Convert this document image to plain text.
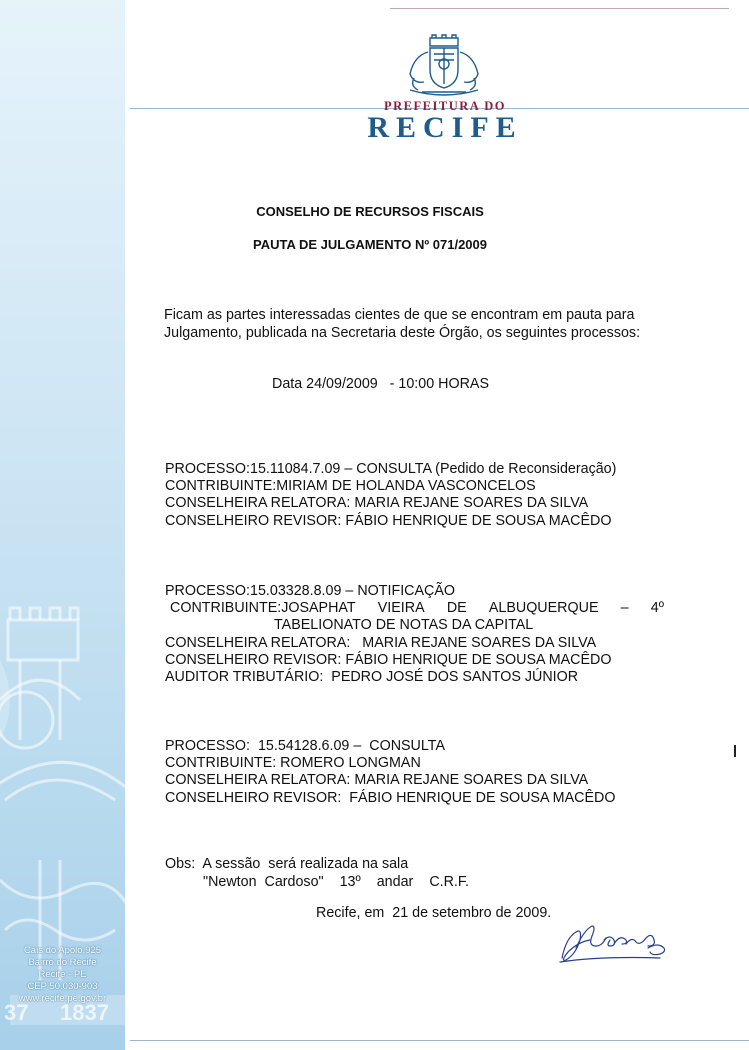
Cais do Apolo,925
Bairro do Recife
Recife - PE
CEP 50.030-903
www.recife.pe.gov.br
37 1837
PREFEITURA DO
RECIFE
CONSELHO DE RECURSOS FISCAIS
PAUTA DE JULGAMENTO Nº 071/2009
Ficam as partes interessadas cientes de que se encontram em pauta para Julgamento, publicada na Secretaria deste Órgão, os seguintes processos:
Data 24/09/2009 - 10:00 HORAS
PROCESSO:15.11084.7.09 – CONSULTA (Pedido de Reconsideração)
CONTRIBUINTE:MIRIAM DE HOLANDA VASCONCELOS
CONSELHEIRA RELATORA: MARIA REJANE SOARES DA SILVA
CONSELHEIRO REVISOR: FÁBIO HENRIQUE DE SOUSA MACÊDO
PROCESSO:15.03328.8.09 – NOTIFICAÇÃO
CONTRIBUINTE:JOSAPHAT VIEIRA DE ALBUQUERQUE – 4º
TABELIONATO DE NOTAS DA CAPITAL
CONSELHEIRA RELATORA:   MARIA REJANE SOARES DA SILVA
CONSELHEIRO REVISOR: FÁBIO HENRIQUE DE SOUSA MACÊDO
AUDITOR TRIBUTÁRIO:  PEDRO JOSÉ DOS SANTOS JÚNIOR
PROCESSO:  15.54128.6.09 –  CONSULTA
CONTRIBUINTE: ROMERO LONGMAN
CONSELHEIRA RELATORA: MARIA REJANE SOARES DA SILVA
CONSELHEIRO REVISOR:  FÁBIO HENRIQUE DE SOUSA MACÊDO
Obs:  A sessão  será realizada na sala
"Newton  Cardoso" 13º andar C.R.F.
Recife, em  21 de setembro de 2009.
